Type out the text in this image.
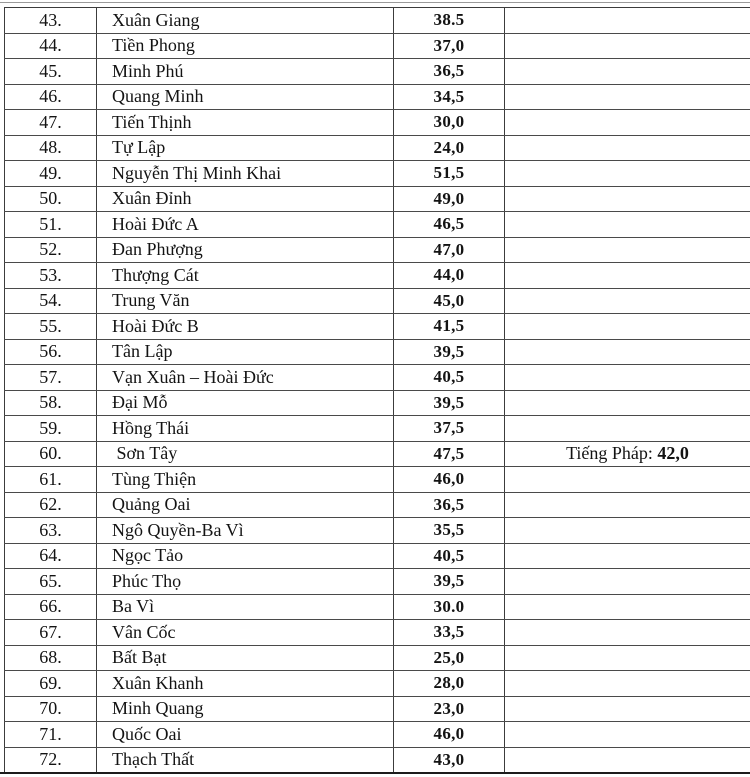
43.	Xuân Giang	38.5
44.	Tiền Phong	37,0
45.	Minh Phú	36,5
46.	Quang Minh	34,5
47.	Tiến Thịnh	30,0
48.	Tự Lập	24,0
49.	Nguyễn Thị Minh Khai	51,5
50.	Xuân Đỉnh	49,0
51.	Hoài Đức A	46,5
52.	Đan Phượng	47,0
53.	Thượng Cát	44,0
54.	Trung Văn	45,0
55.	Hoài Đức B	41,5
56.	Tân Lập	39,5
57.	Vạn Xuân – Hoài Đức	40,5
58.	Đại Mỗ	39,5
59.	Hồng Thái	37,5
60.	Sơn Tây	47,5	Tiếng Pháp: 42,0
61.	Tùng Thiện	46,0
62.	Quảng Oai	36,5
63.	Ngô Quyền-Ba Vì	35,5
64.	Ngọc Tảo	40,5
65.	Phúc Thọ	39,5
66.	Ba Vì	30.0
67.	Vân Cốc	33,5
68.	Bất Bạt	25,0
69.	Xuân Khanh	28,0
70.	Minh Quang	23,0
71.	Quốc Oai	46,0
72.	Thạch Thất	43,0
